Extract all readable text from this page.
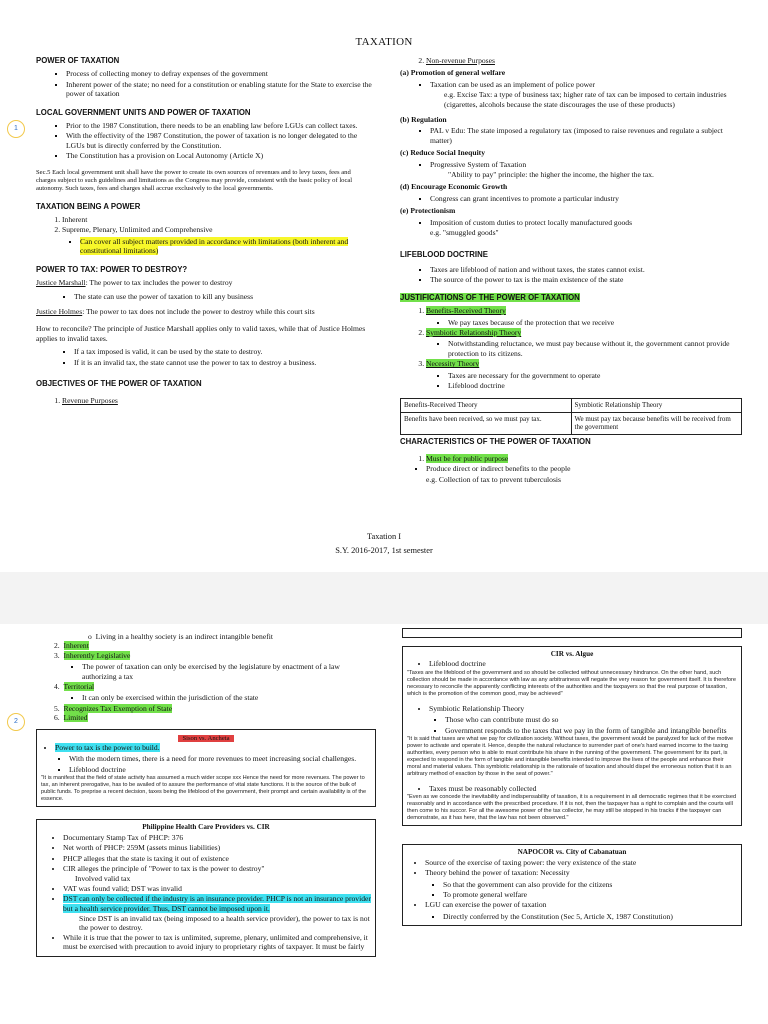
TAXATION
1
2
POWER OF TAXATION
▪ Process of collecting money to defray expenses of the government
▪ Inherent power of the state; no need for a constitution or enabling statute for the State to exercise the power of taxation
LOCAL GOVERNMENT UNITS AND POWER OF TAXATION
▪ Prior to the 1987 Constitution, there needs to be an enabling law before LGUs can collect taxes.
▪ With the effectivity of the 1987 Constitution, the power of taxation is no longer delegated to the LGUs but is directly conferred by the Constitution.
▪ The Constitution has a provision on Local Autonomy (Article X)
Sec.5 Each local government unit shall have the power to create its own sources of revenues and to levy taxes, fees and charges subject to such guidelines and limitations as the Congress may provide, consistent with the basic policy of local autonomy. Such taxes, fees and charges shall accrue exclusively to the local governments.
TAXATION BEING A POWER
1. Inherent
2. Supreme, Plenary, Unlimited and Comprehensive
▪ Can cover all subject matters provided in accordance with limitations (both inherent and constitutional limitations)
POWER TO TAX: POWER TO DESTROY?
Justice Marshall: The power to tax includes the power to destroy
▪ The state can use the power of taxation to kill any business
Justice Holmes: The power to tax does not include the power to destroy while this court sits
How to reconcile? The principle of Justice Marshall applies only to valid taxes, while that of Justice Holmes applies to invalid taxes.
▪ If a tax imposed is valid, it can be used by the state to destroy.
▪ If it is an invalid tax, the state cannot use the power to tax to destroy a business.
OBJECTIVES OF THE POWER OF TAXATION
1. Revenue Purposes
2. Non-revenue Purposes
(a) Promotion of general welfare
▪ Taxation can be used as an implement of police power
e.g. Excise Tax: a type of business tax; higher rate of tax can be imposed to certain industries (cigarettes, alcohols because the state discourages the use of these products)
(b) Regulation
▪ PAL v Edu: The state imposed a regulatory tax (imposed to raise revenues and regulate a subject matter)
(c) Reduce Social Inequity
▪ Progressive System of Taxation
"Ability to pay" principle: the higher the income, the higher the tax.
(d) Encourage Economic Growth
▪ Congress can grant incentives to promote a particular industry
(e) Protectionism
▪ Imposition of custom duties to protect locally manufactured goods
e.g. "smuggled goods"
LIFEBLOOD DOCTRINE
▪ Taxes are lifeblood of nation and without taxes, the states cannot exist.
▪ The source of the power to tax is the main existence of the state
JUSTIFICATIONS OF THE POWER OF TAXATION
1. Benefits-Received Theory
▪ We pay taxes because of the protection that we receive
2. Symbiotic Relationship Theory
▪ Notwithstanding reluctance, we must pay because without it, the government cannot provide protection to its citizens.
3. Necessity Theory
▪ Taxes are necessary for the government to operate
▪ Lifeblood doctrine
Benefits-Received Theory	Symbiotic Relationship Theory
Benefits have been received, so we must pay tax.	We must pay tax because benefits will be received from the government
CHARACTERISTICS OF THE POWER OF TAXATION
1. Must be for public purpose
▪ Produce direct or indirect benefits to the people
e.g. Collection of tax to prevent tuberculosis
Taxation I
S.Y. 2016-2017, 1st semester
o  Living in a healthy society is an indirect intangible benefit
2. Inherent
3. Inherently Legislative
▪ The power of taxation can only be exercised by the legislature by enactment of a law authorizing a tax
4. Territorial
▪ It can only be exercised within the jurisdiction of the state
5. Recognizes Tax Exemption of State
6. Limited
Sison vs. Ancheta
• Power to tax is the power to build.
▪ With the modern times, there is a need for more revenues to meet increasing social challenges.
▪ Lifeblood doctrine
"It is manifest that the field of state activity has assumed a much wider scope xxx Hence the need for more revenues. The power to tax, an inherent prerogative, has to be availed of to assure the performance of vital state functions. It is the source of the bulk of public funds. To preprise a recent decision, taxes being the lifeblood of the government, their prompt and certain availability is of the essence.
Philippine Health Care Providers vs. CIR
• Documentary Stamp Tax of PHCP: 376
• Net worth of PHCP: 259M (assets minus liabilities)
• PHCP alleges that the state is taxing it out of existence
• CIR alleges the principle of "Power to tax is the power to destroy"
Involved valid tax
• VAT was found valid; DST was invalid
• DST can only be collected if the industry is an insurance provider. PHCP is not an insurance provider but a health service provider. Thus, DST cannot be imposed upon it.
Since DST is an invalid tax (being imposed to a health service provider), the power to tax is not the power to destroy.
• While it is true that the power to tax is unlimited, supreme, plenary, unlimited and comprehensive, it must be exercised with precaution to avoid injury to proprietary rights of taxpayer. It must be fairly
CIR vs. Algue
• Lifeblood doctrine
"Taxes are the lifeblood of the government and so should be collected without unnecessary hindrance. On the other hand, such collection should be made in accordance with law as any arbitrariness will negate the very reason for government itself. It is therefore necessary to reconcile the apparently conflicting interests of the authorities and the taxpayers so that the real purpose of taxation, which is the promotion of the common good, may be achieved"
• Symbiotic Relationship Theory
▪ Those who can contribute must do so
▪ Government responds to the taxes that we pay in the form of tangible and intangible benefits
"It is said that taxes are what we pay for civilization society. Without taxes, the government would be paralyzed for lack of the motive power to activate and operate it. Hence, despite the natural reluctance to surrender part of one's hard earned income to the taxing authorities, every person who is able to must contribute his share in the running of the government. The government for its part, is expected to respond in the form of tangible and intangible benefits intended to improve the lives of the people and enhance their moral and material values. This symbiotic relationship is the rationale of taxation and should dispel the erroneous notion that it is an arbitrary method of exaction by those in the seat of power."
• Taxes must be reasonably collected
"Even as we concede the inevitability and indispensability of taxation, it is a requirement in all democratic regimes that it be exercised reasonably and in accordance with the prescribed procedure. If it is not, then the taxpayer has a right to complain and the courts will then come to his succor. For all the awesome power of the tax collector, he may still be stopped in his tracks if the taxpayer can demonstrate, as it has here, that the law has not been observed."
NAPOCOR vs. City of Cabanatuan
• Source of the exercise of taxing power: the very existence of the state
• Theory behind the power of taxation: Necessity
▪ So that the government can also provide for the citizens
▪ To promote general welfare
• LGU can exercise the power of taxation
▪ Directly conferred by the Constitution (Sec 5, Article X, 1987 Constitution)
